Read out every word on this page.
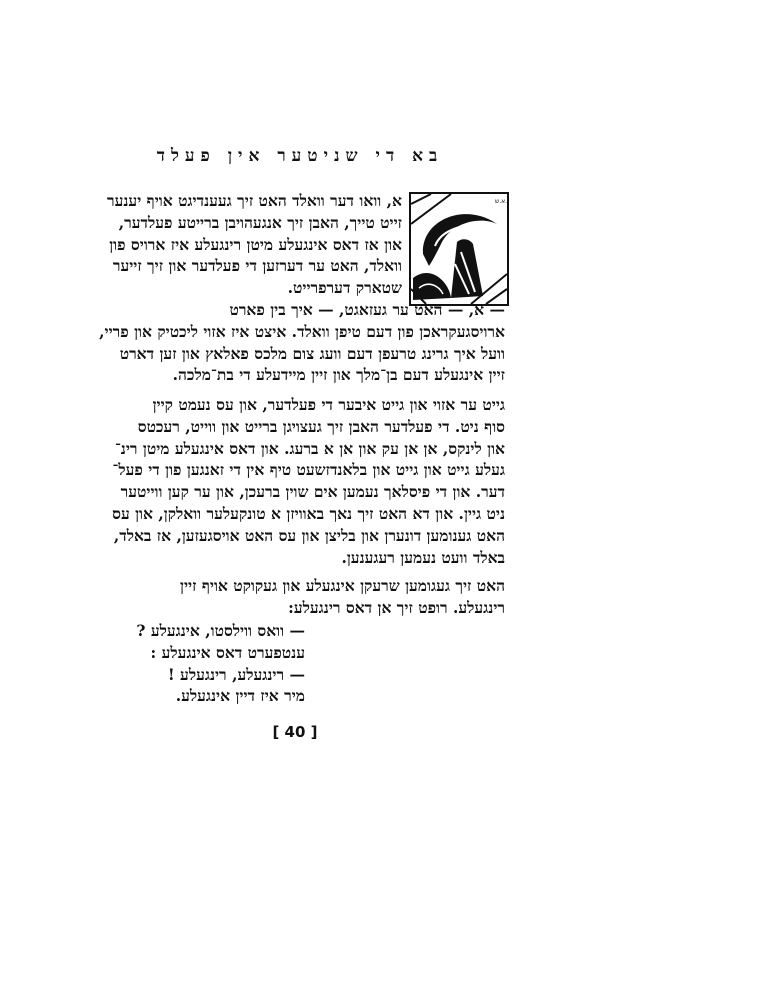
בא די שניטער אין פעלד
א.ש.
א, וואו דער וואלד האט זיך געענדיגט אויף יענער
זייט טייך, האבן זיך אנגעהויבן ברייטע פעלדער,
און אז דאס אינגעלע מיטן רינגעלע איז ארויס פון
וואלד, האט ער דערזען די פעלדער און זיך זייער
שטארק דערפרייט.
— א, — האט ער געזאגט, — איך בין פארט
ארויסגעקראכן פון דעם טיפן וואלד. איצט איז אזוי ליכטיק און פריי,
וועל איך גרינג טרעפן דעם וועג צום מלכס פאלאץ און זען דארט
זיין אינגעלע דעם בן־מלך און זיין מיידעלע די בת־מלכה.
גייט ער אזוי און גייט איבער די פעלדער, און עס נעמט קיין
סוף ניט. די פעלדער האבן זיך געצויגן ברייט און ווייט, רעכטס
און לינקס, אן אן עק און אן א ברעג. און דאס אינגעלע מיטן רינ־
געלע גייט און גייט און בלאנדזשעט טיף אין די זאנגען פון די פעל־
דער. און די פיסלאך נעמען אים שוין ברעכן, און ער קען ווייטער
ניט גיין. און דא האט זיך נאך באוויזן א טונקעלער וואלקן, און עס
האט גענומען דונערן און בליצן און עס האט אויסגעזען, אז באלד,
באלד וועט נעמען רעגענען.
האט זיך געגומען שרעקן אינגעלע און געקוקט אויף זיין
רינגעלע. רופט זיך אן דאס רינגעלע:
— וואס ווילסטו, אינגעלע ?
ענטפערט דאס אינגעלע :
— רינגעלע, רינגעלע !
מיר איז דיין אינגעלע.
[ 40 ]
